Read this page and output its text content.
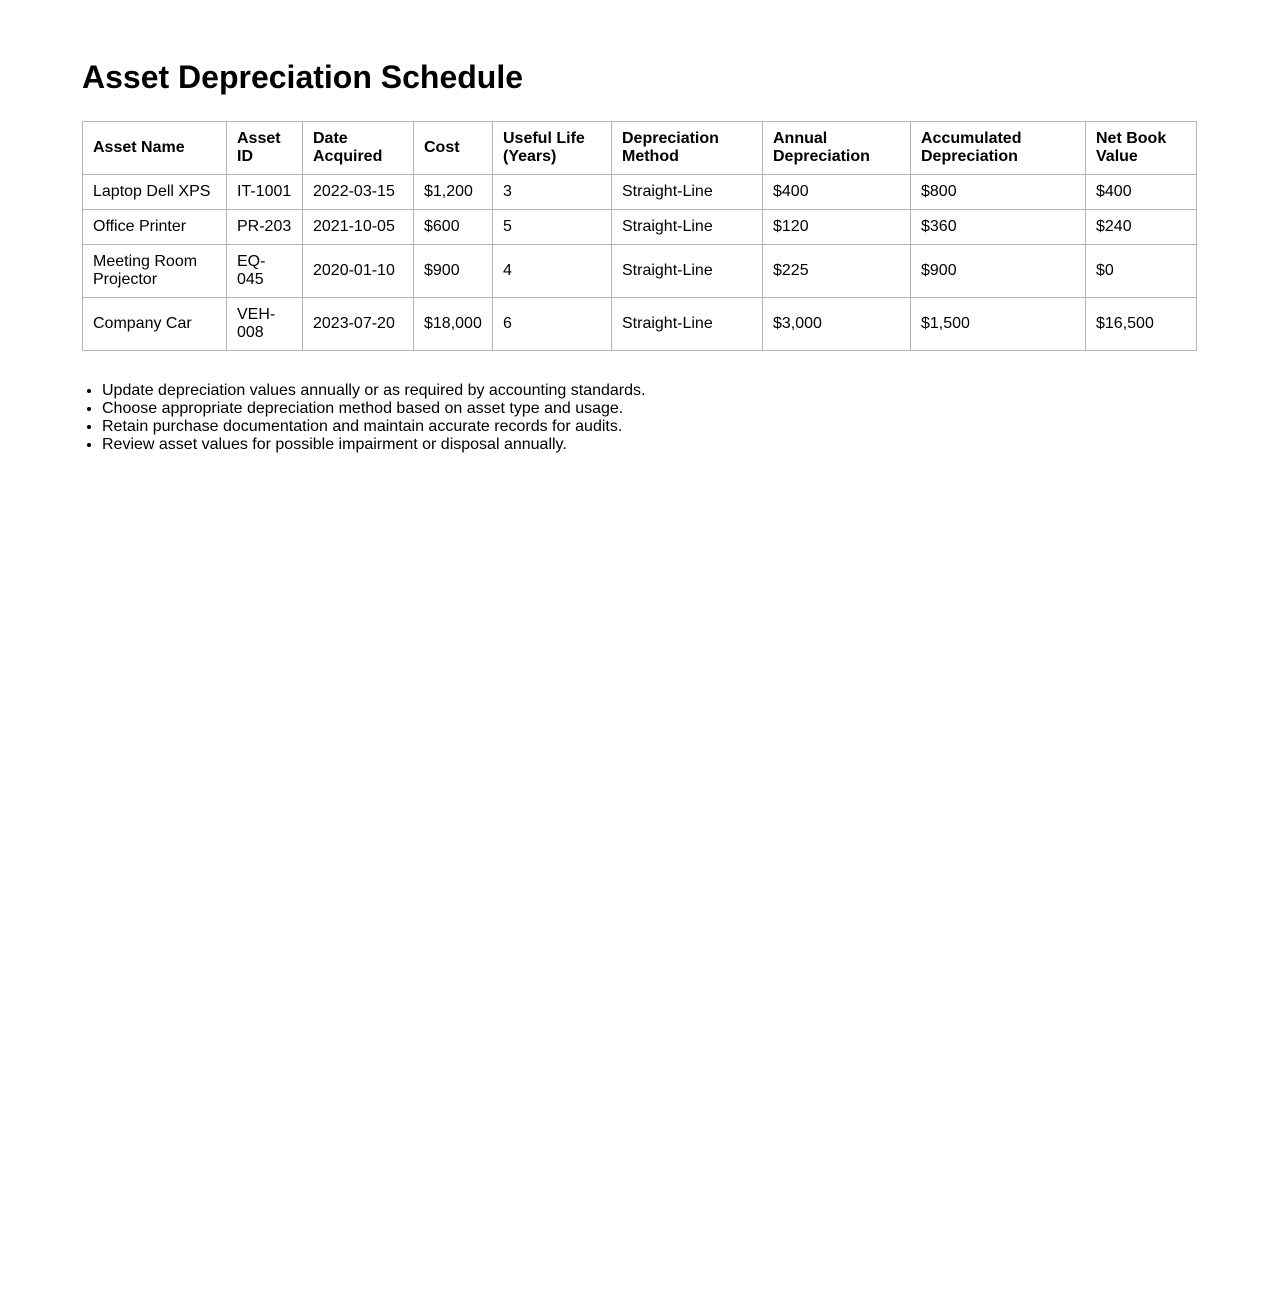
Asset Depreciation Schedule
Asset Name	Asset ID	Date Acquired	Cost	Useful Life (Years)	Depreciation Method	Annual Depreciation	Accumulated Depreciation	Net Book Value
Laptop Dell XPS	IT-1001	2022-03-15	$1,200	3	Straight-Line	$400	$800	$400
Office Printer	PR-203	2021-10-05	$600	5	Straight-Line	$120	$360	$240
Meeting Room Projector	EQ-045	2020-01-10	$900	4	Straight-Line	$225	$900	$0
Company Car	VEH-008	2023-07-20	$18,000	6	Straight-Line	$3,000	$1,500	$16,500
• Update depreciation values annually or as required by accounting standards.
• Choose appropriate depreciation method based on asset type and usage.
• Retain purchase documentation and maintain accurate records for audits.
• Review asset values for possible impairment or disposal annually.
